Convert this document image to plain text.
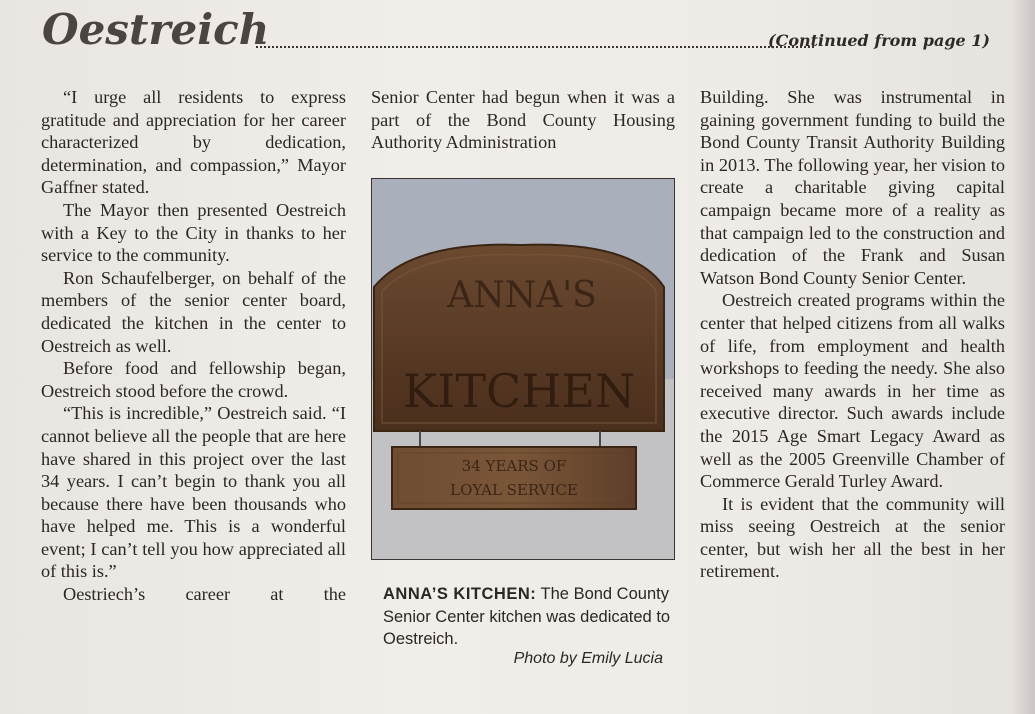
Oestreich	(Continued from page 1)

“I urge all residents to express gratitude and appreciation for her career characterized by dedication, determination, and compassion,” Mayor Gaffner stated.

The Mayor then presented Oestreich with a Key to the City in thanks to her service to the community.

Ron Schaufelberger, on behalf of the members of the senior center board, dedicated the kitchen in the center to Oestreich as well.

Before food and fellowship began, Oestreich stood before the crowd.

“This is incredible,” Oestreich said. “I cannot believe all the people that are here have shared in this project over the last 34 years. I can’t begin to thank you all because there have been thousands who have helped me. This is a wonderful event; I can’t tell you how appreciated all of this is.”

Oestriech’s career at the

Senior Center had begun when it was a part of the Bond County Housing Authority Administration

ANNA'S
KITCHEN
34 YEARS OF
LOYAL SERVICE
ANNA’S KITCHEN: The Bond County Senior Center kitchen was dedicated to Oestreich.
Photo by Emily Lucia

Building. She was instrumental in gaining government funding to build the Bond County Transit Authority Building in 2013. The following year, her vision to create a charitable giving capital campaign became more of a reality as that campaign led to the construction and dedication of the Frank and Susan Watson Bond County Senior Center.

Oestreich created programs within the center that helped citizens from all walks of life, from employment and health workshops to feeding the needy. She also received many awards in her time as executive director. Such awards include the 2015 Age Smart Legacy Award as well as the 2005 Greenville Chamber of Commerce Gerald Turley Award.

It is evident that the community will miss seeing Oestreich at the senior center, but wish her all the best in her retirement.
